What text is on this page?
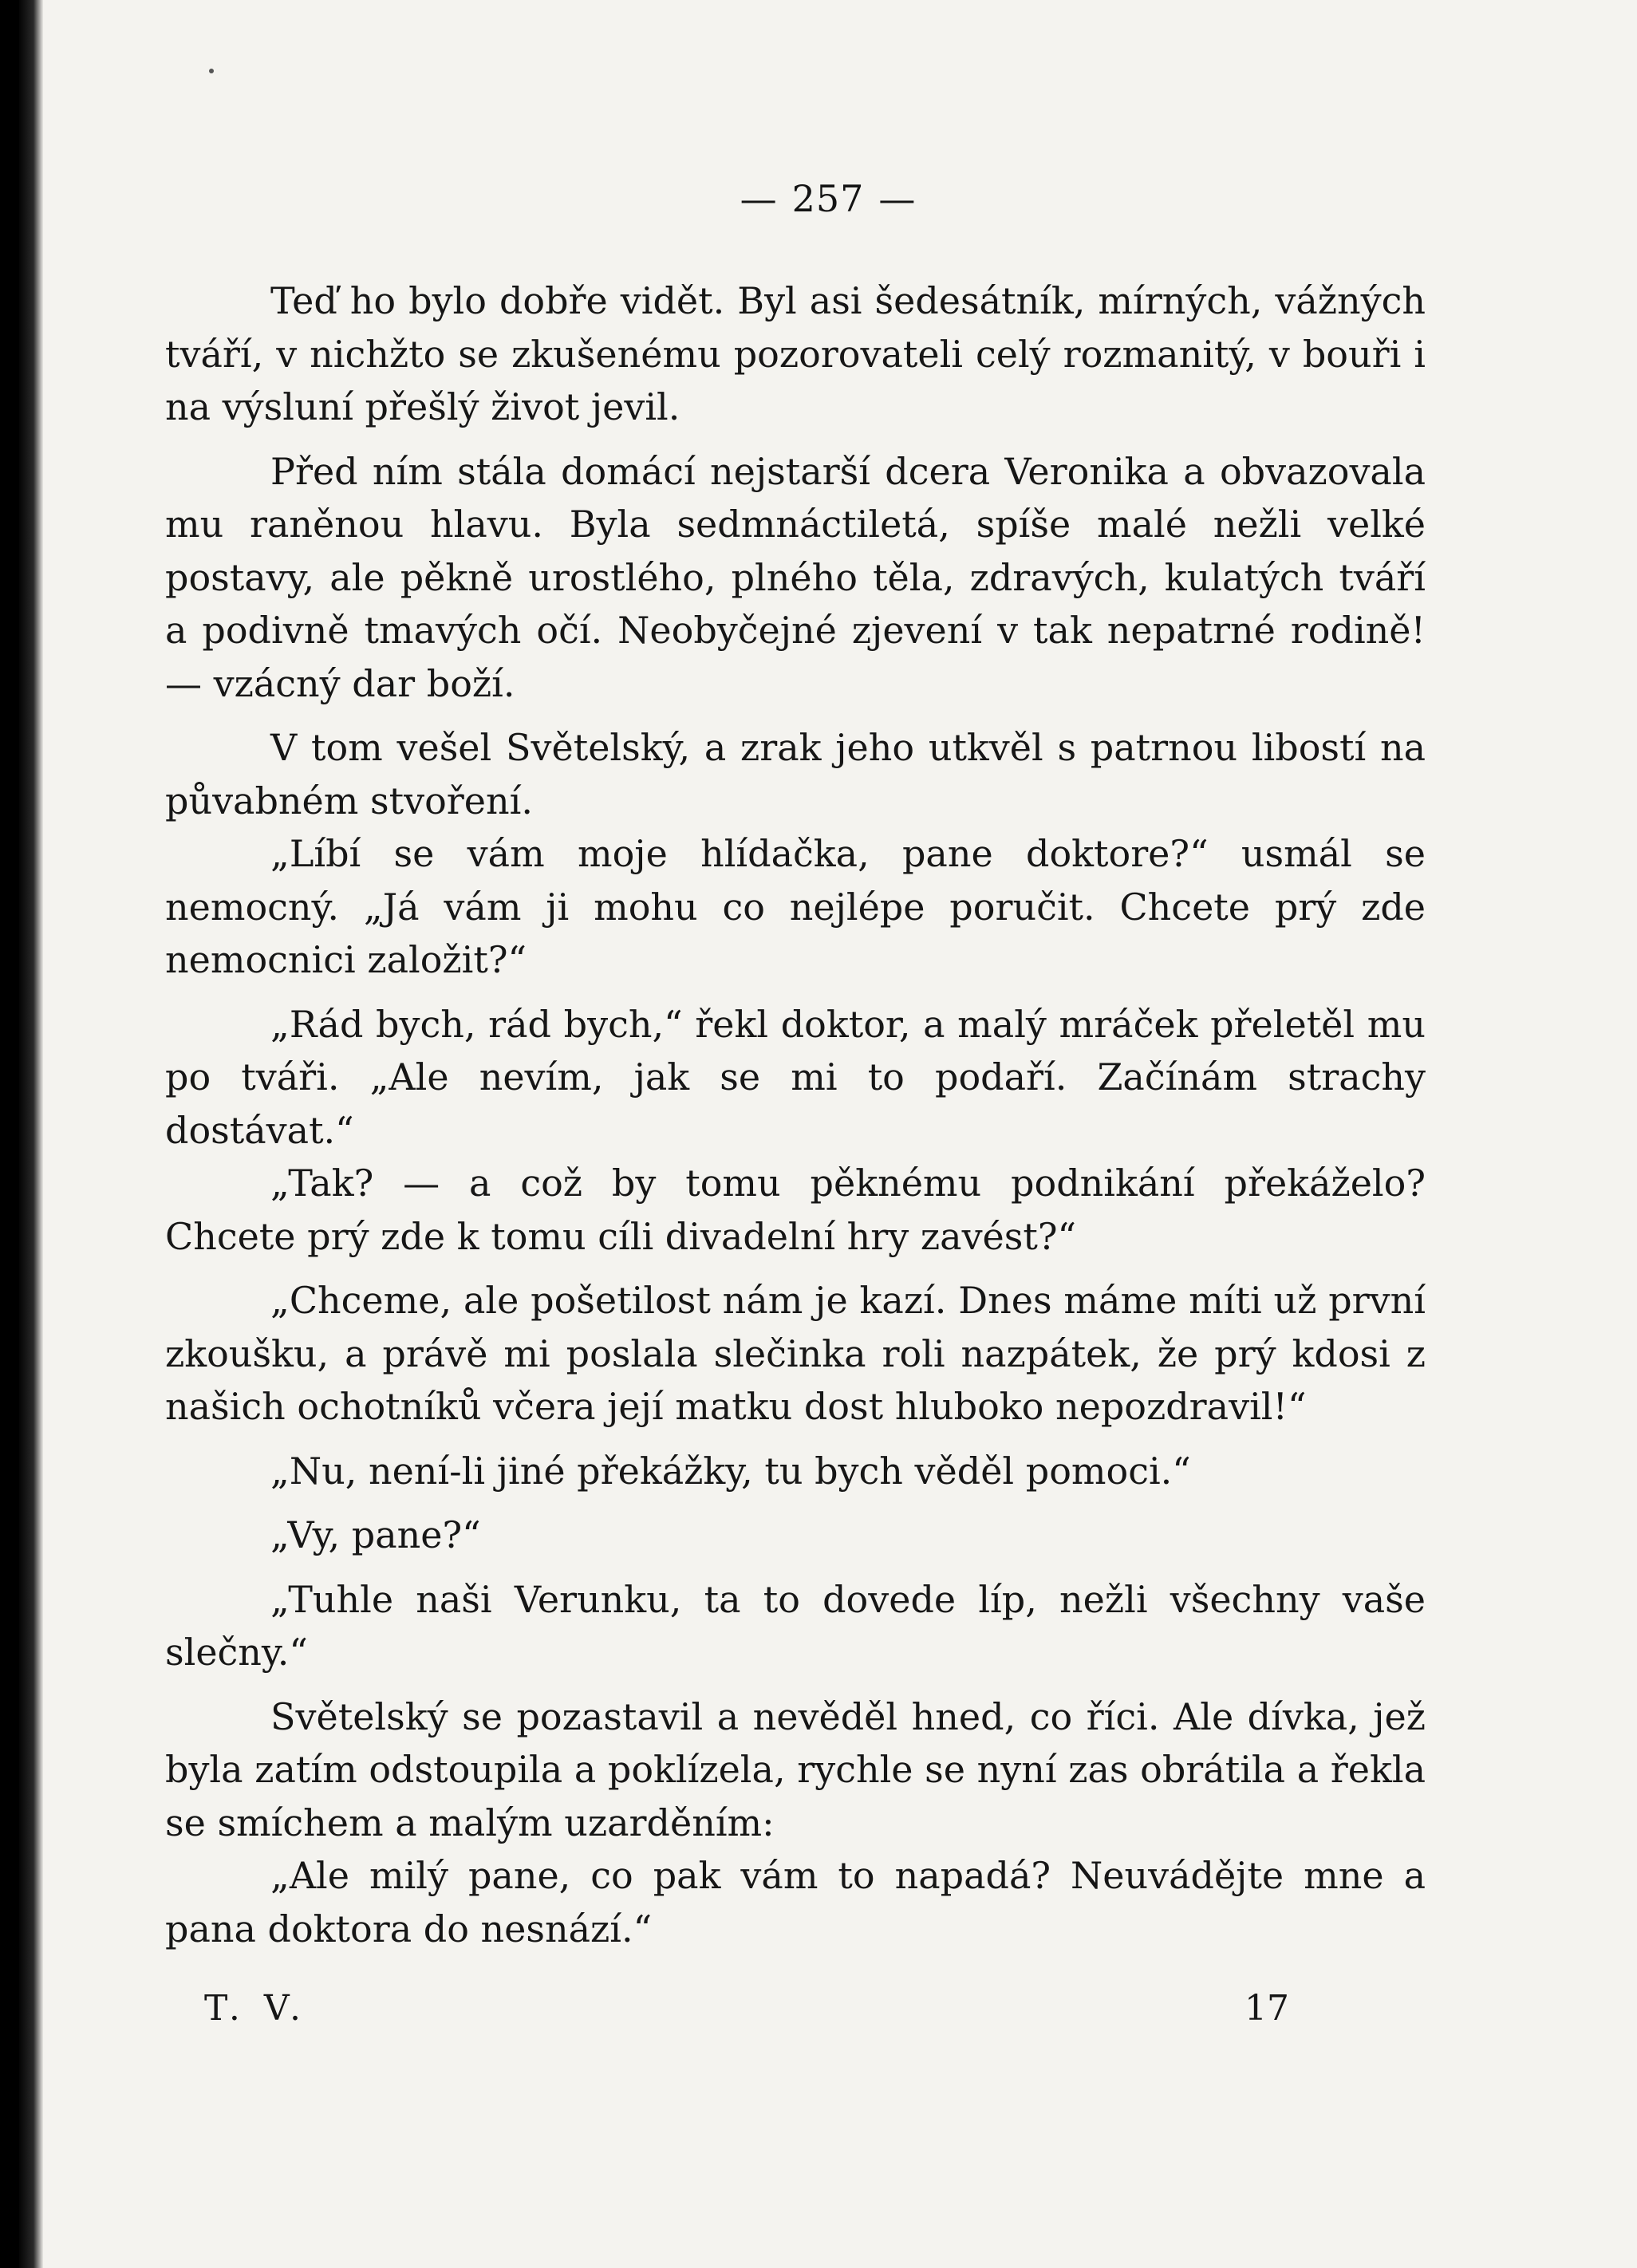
— 257 —

Teď ho bylo dobře vidět. Byl asi šedesátník, mírných, vážných tváří, v nichžto se zkušenému pozorovateli celý rozmanitý, v bouři i na výsluní přešlý život jevil.

Před ním stála domácí nejstarší dcera Veronika a obvazovala mu raněnou hlavu. Byla sedmnáctiletá, spíše malé nežli velké postavy, ale pěkně urostlého, plného těla, zdravých, kulatých tváří a podivně tmavých očí. Neobyčejné zjevení v tak nepatrné rodině! — vzácný dar boží.

V tom vešel Světelský, a zrak jeho utkvěl s patrnou libostí na půvabném stvoření.

„Líbí se vám moje hlídačka, pane doktore?“ usmál se nemocný. „Já vám ji mohu co nejlépe poručit. Chcete prý zde nemocnici založit?“

„Rád bych, rád bych,“ řekl doktor, a malý mráček přeletěl mu po tváři. „Ale nevím, jak se mi to podaří. Začínám strachy dostávat.“

„Tak? — a což by tomu pěknému podnikání překáželo? Chcete prý zde k tomu cíli divadelní hry zavést?“

„Chceme, ale pošetilost nám je kazí. Dnes máme míti už první zkoušku, a právě mi poslala slečinka roli nazpátek, že prý kdosi z našich ochotníků včera její matku dost hluboko nepozdravil!“

„Nu, není-li jiné překážky, tu bych věděl pomoci.“

„Vy, pane?“

„Tuhle naši Verunku, ta to dovede líp, nežli všechny vaše slečny.“

Světelský se pozastavil a nevěděl hned, co říci. Ale dívka, jež byla zatím odstoupila a poklízela, rychle se nyní zas obrátila a řekla se smíchem a malým uzarděním:

„Ale milý pane, co pak vám to napadá? Neuvádějte mne a pana doktora do nesnází.“

T. V.	17
